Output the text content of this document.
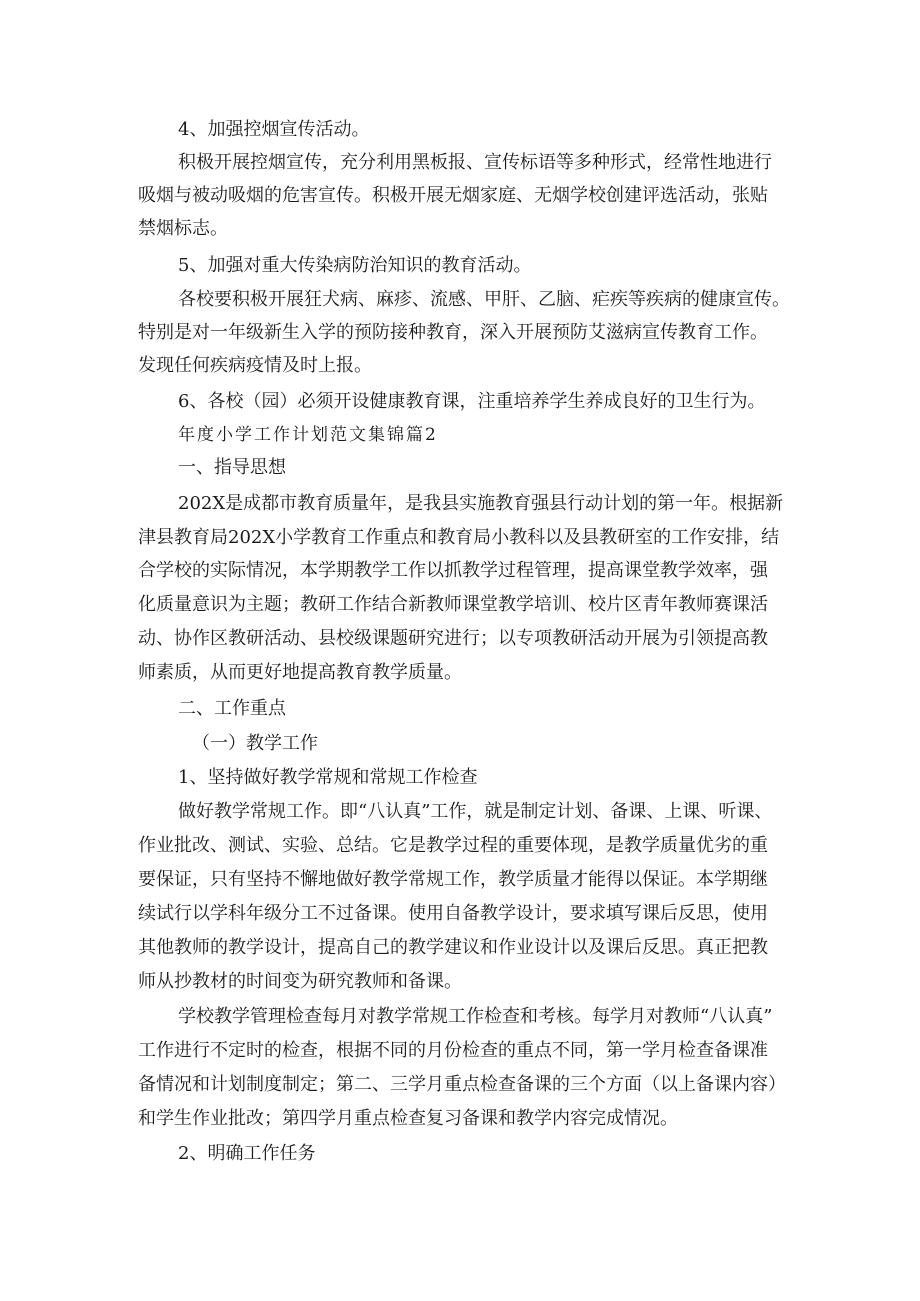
4、加强控烟宣传活动。
积极开展控烟宣传，充分利用黑板报、宣传标语等多种形式，经常性地进行
吸烟与被动吸烟的危害宣传。积极开展无烟家庭、无烟学校创建评选活动，张贴
禁烟标志。
5、加强对重大传染病防治知识的教育活动。
各校要积极开展狂犬病、麻疹、流感、甲肝、乙脑、疟疾等疾病的健康宣传。
特别是对一年级新生入学的预防接种教育，深入开展预防艾滋病宣传教育工作。
发现任何疾病疫情及时上报。
6、各校（园）必须开设健康教育课，注重培养学生养成良好的卫生行为。
年度小学工作计划范文集锦篇2
一、指导思想
202X是成都市教育质量年，是我县实施教育强县行动计划的第一年。根据新
津县教育局202X小学教育工作重点和教育局小教科以及县教研室的工作安排，结
合学校的实际情况，本学期教学工作以抓教学过程管理，提高课堂教学效率，强
化质量意识为主题；教研工作结合新教师课堂教学培训、校片区青年教师赛课活
动、协作区教研活动、县校级课题研究进行；以专项教研活动开展为引领提高教
师素质，从而更好地提高教育教学质量。
二、工作重点
（一）教学工作
1、坚持做好教学常规和常规工作检查
做好教学常规工作。即“八认真”工作，就是制定计划、备课、上课、听课、
作业批改、测试、实验、总结。它是教学过程的重要体现，是教学质量优劣的重
要保证，只有坚持不懈地做好教学常规工作，教学质量才能得以保证。本学期继
续试行以学科年级分工不过备课。使用自备教学设计，要求填写课后反思，使用
其他教师的教学设计，提高自己的教学建议和作业设计以及课后反思。真正把教
师从抄教材的时间变为研究教师和备课。
学校教学管理检查每月对教学常规工作检查和考核。每学月对教师“八认真”
工作进行不定时的检查，根据不同的月份检查的重点不同，第一学月检查备课准
备情况和计划制度制定；第二、三学月重点检查备课的三个方面（以上备课内容）
和学生作业批改；第四学月重点检查复习备课和教学内容完成情况。
2、明确工作任务
